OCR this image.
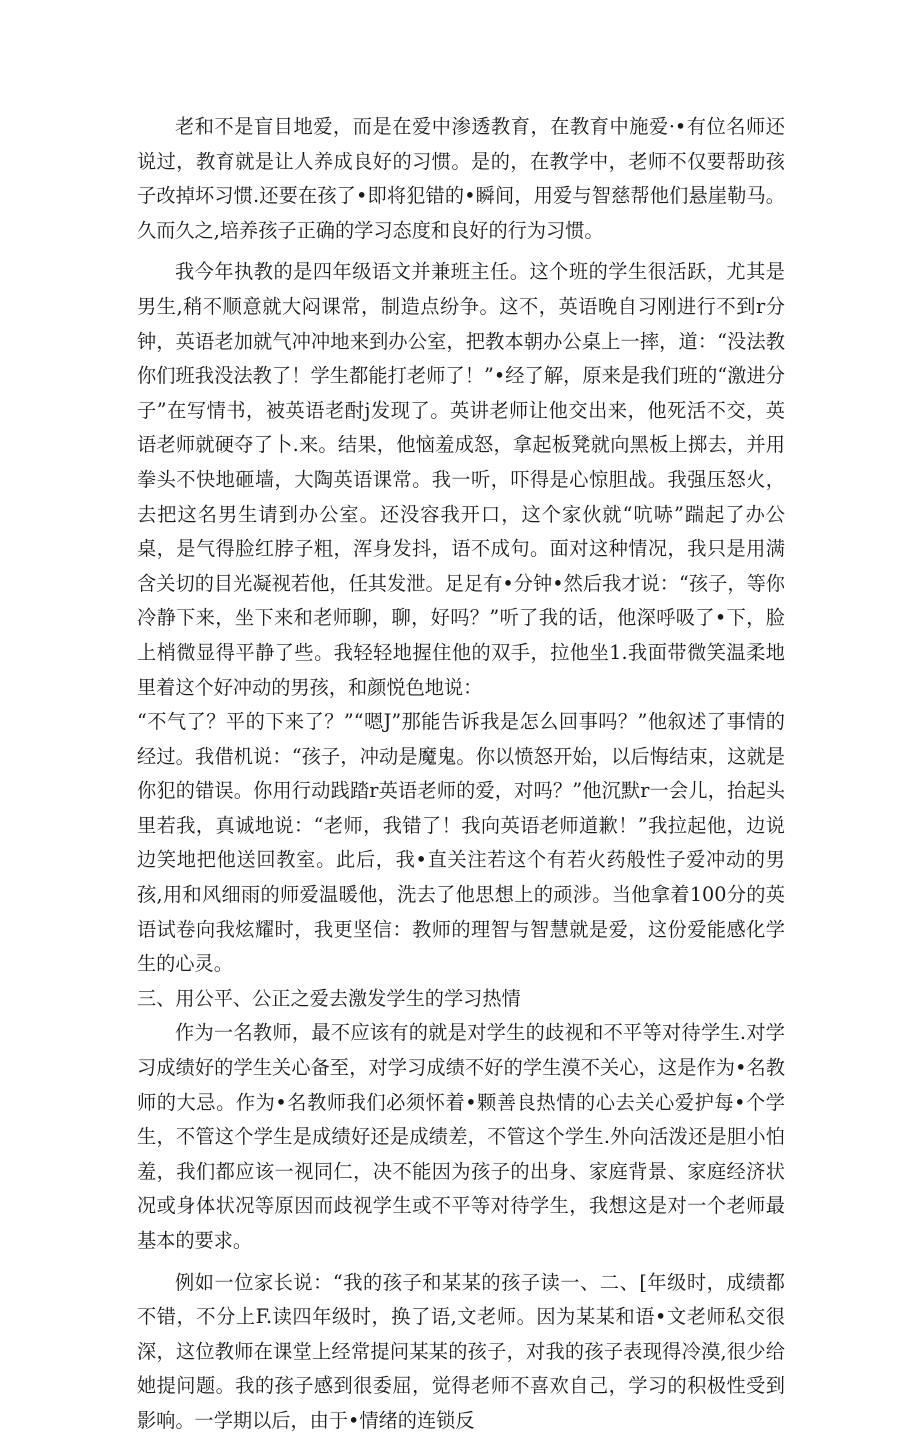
老和不是盲目地爱，而是在爱中渗透教育，在教育中施爱·•有位名师还说过，教育就是让人养成良好的习惯。是的，在教学中，老师不仅要帮助孩子改掉坏习惯.还要在孩了•即将犯错的•瞬间，用爱与智慈帮他们悬崖勒马。久而久之,培养孩子正确的学习态度和良好的行为习惯。

我今年执教的是四年级语文并兼班主任。这个班的学生很活跃，尤其是男生,稍不顺意就大闷课常，制造点纷争。这不，英语晚自习刚进行不到r分钟，英语老加就气冲冲地来到办公室，把教本朝办公桌上一摔，道：“没法教你们班我没法教了！学生都能打老师了！”•经了解，原来是我们班的“激进分子”在写情书，被英语老酎j发现了。英讲老师让他交出来，他死活不交，英语老师就硬夺了卜.来。结果，他恼羞成怒，拿起板凳就向黑板上掷去，并用拳头不快地砸墙，大陶英语课常。我一听，吓得是心惊胆战。我强压怒火，去把这名男生请到办公室。还没容我开口，这个家伙就“吭哧”踹起了办公桌，是气得脸红脖子粗，浑身发抖，语不成句。面对这种情况，我只是用满含关切的目光凝视若他，任其发泄。足足有•分钟•然后我才说：“孩子，等你冷静下来，坐下来和老师聊，聊，好吗？”听了我的话，他深呼吸了•下，脸上梢微显得平静了些。我轻轻地握住他的双手，拉他坐1.我面带微笑温柔地里着这个好冲动的男孩，和颜悦色地说：

“不气了？平的下来了？”“嗯J”那能告诉我是怎么回事吗？”他叙述了事情的经过。我借机说：“孩子，冲动是魔鬼。你以愤怒开始，以后悔结束，这就是你犯的错误。你用行动践踏r英语老师的爱，对吗？”他沉默r一会儿，抬起头里若我，真诚地说：“老师，我错了！我向英语老师道歉！”我拉起他，边说边笑地把他送回教室。此后，我•直关注若这个有若火药般性子爱冲动的男孩,用和风细雨的师爱温暖他，洗去了他思想上的顽涉。当他拿着100分的英语试卷向我炫耀时，我更坚信：教师的理智与智慧就是爱，这份爱能感化学生的心灵。

三、用公平、公正之爱去激发学生的学习热情

作为一名教师，最不应该有的就是对学生的歧视和不平等对待学生.对学习成绩好的学生关心备至，对学习成绩不好的学生漠不关心，这是作为•名教师的大忌。作为•名教师我们必须怀着•颗善良热情的心去关心爱护每•个学生，不管这个学生是成绩好还是成绩差，不管这个学生.外向活泼还是胆小怕羞，我们都应该一视同仁，决不能因为孩子的出身、家庭背景、家庭经济状况或身体状况等原因而歧视学生或不平等对待学生，我想这是对一个老师最基本的要求。

例如一位家长说：“我的孩子和某某的孩子读一、二、[年级时，成绩都不错，不分上F.读四年级时，换了语,文老师。因为某某和语•文老师私交很深，这位教师在课堂上经常提问某某的孩子，对我的孩子表现得冷漠,很少给她提问题。我的孩子感到很委屈，觉得老师不喜欢自己，学习的积极性受到影响。一学期以后，由于•情绪的连锁反
